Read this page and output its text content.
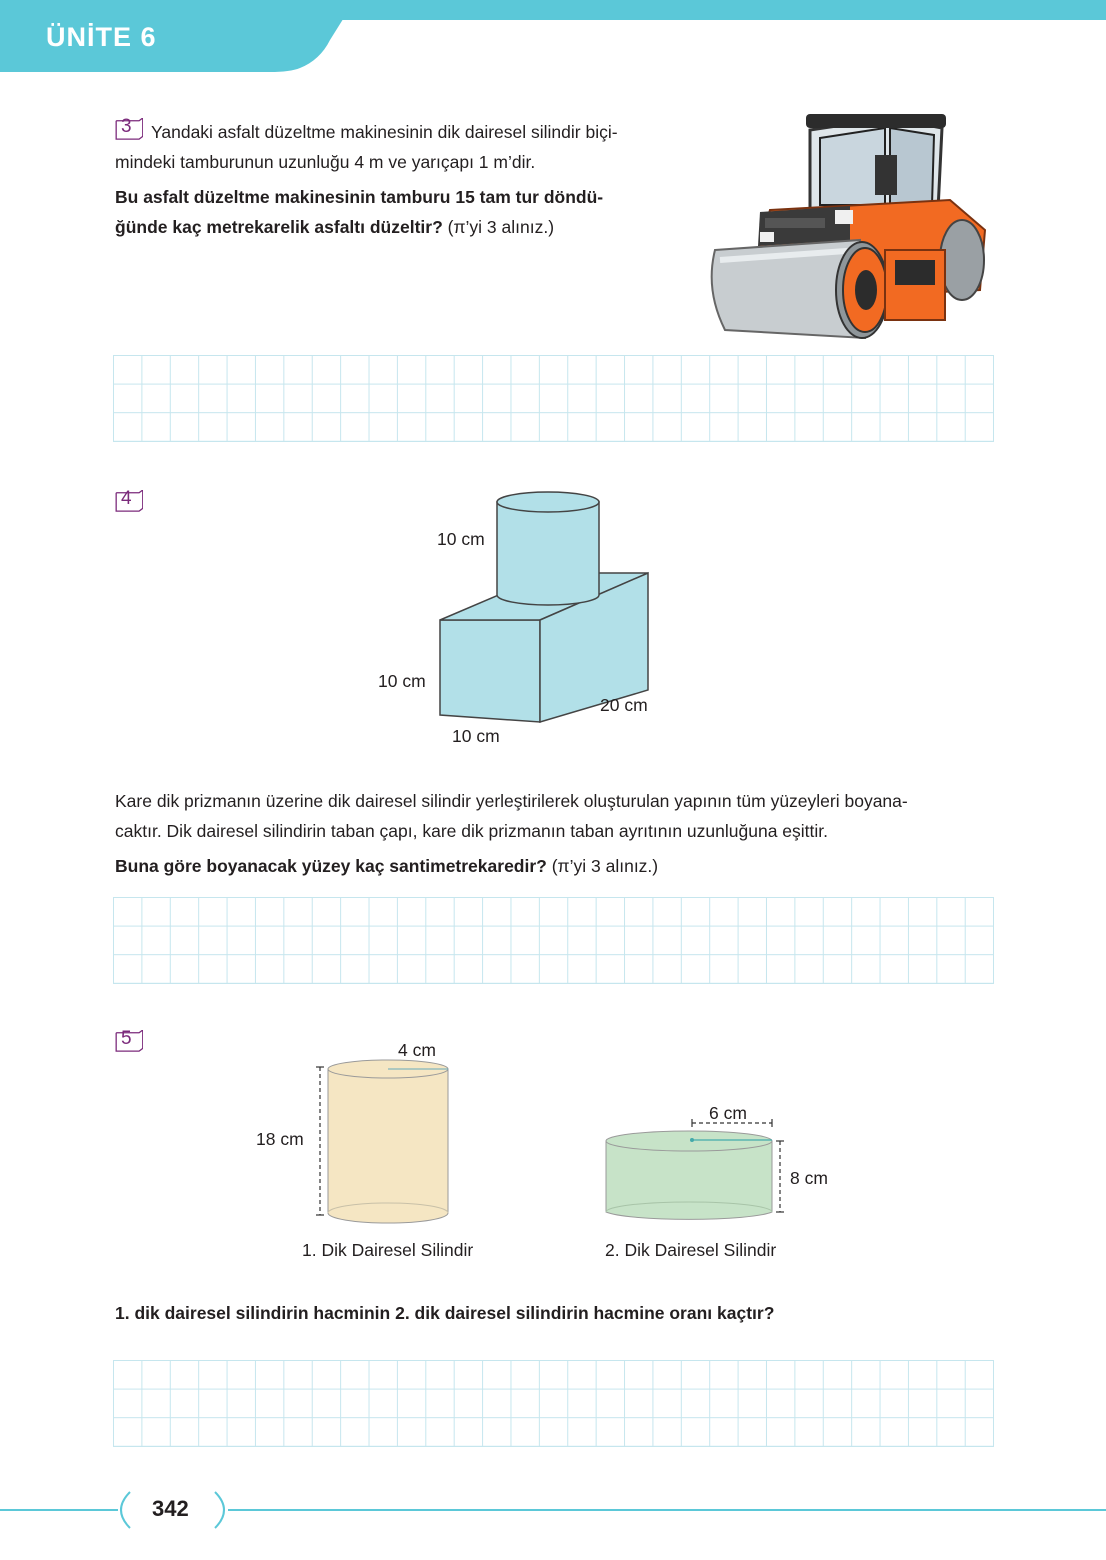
ÜNİTE 6
3 Yandaki asfalt düzeltme makinesinin dik dairesel silindir biçi-
mindeki tamburunun uzunluğu 4 m ve yarıçapı 1 m’dir.
Bu asfalt düzeltme makinesinin tamburu 15 tam tur döndü-
ğünde kaç metrekarelik asfaltı düzeltir? (π’yi 3 alınız.)
4
10 cm
10 cm
20 cm
10 cm
Kare dik prizmanın üzerine dik dairesel silindir yerleştirilerek oluşturulan yapının tüm yüzeyleri boyana-
caktır. Dik dairesel silindirin taban çapı, kare dik prizmanın taban ayrıtının uzunluğuna eşittir.
Buna göre boyanacak yüzey kaç santimetrekaredir? (π’yi 3 alınız.)
5
4 cm
18 cm
1. Dik Dairesel Silindir
6 cm
8 cm
2. Dik Dairesel Silindir
1. dik dairesel silindirin hacminin 2. dik dairesel silindirin hacmine oranı kaçtır?
342
